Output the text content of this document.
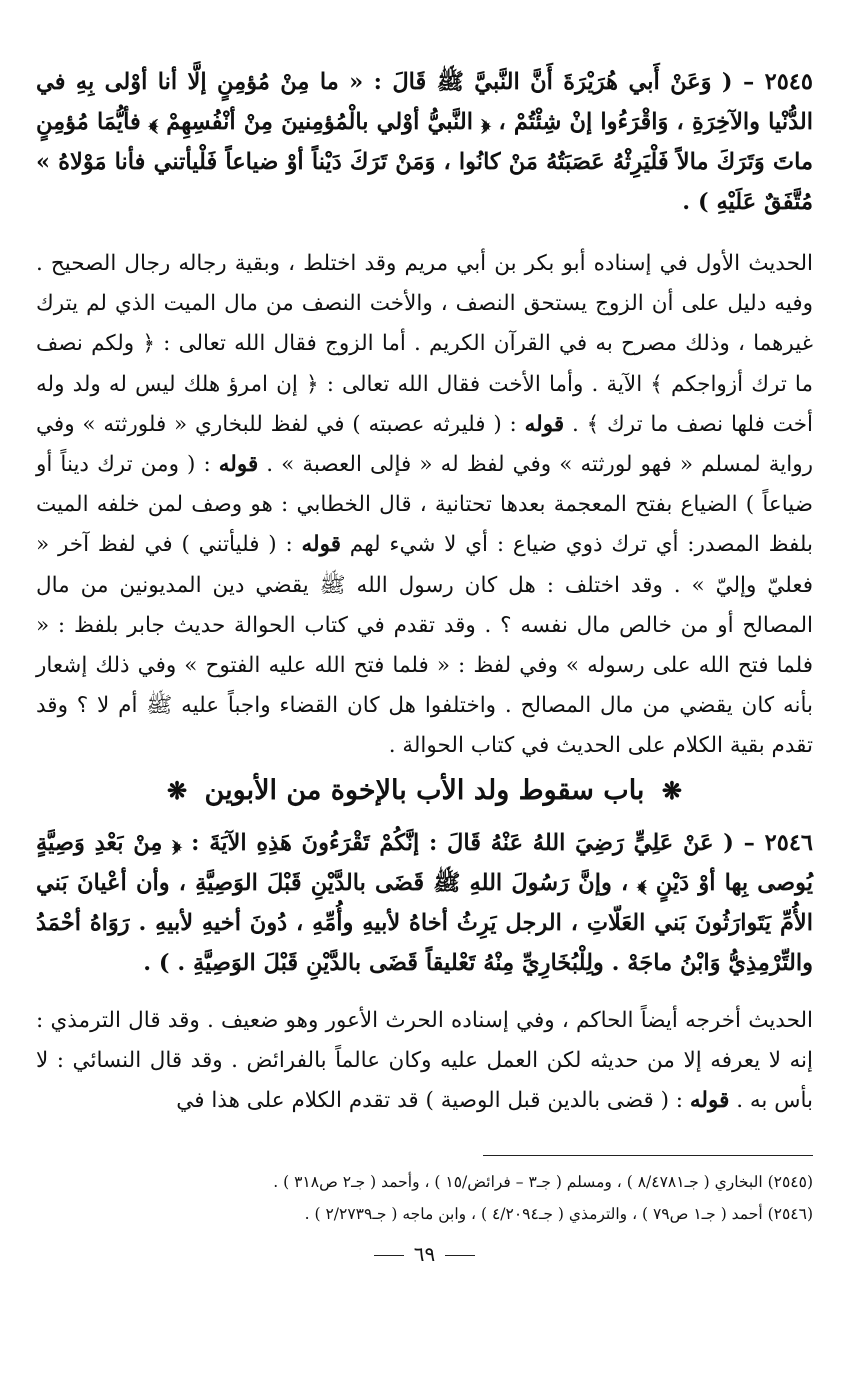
٢٥٤٥ – ( وَعَنْ أَبي هُرَيْرَةَ أَنَّ النَّبيَّ ﷺ قَالَ : « ما مِنْ مُؤمِنٍ إلَّا أنا أوْلى بِهِ في الدُّنْيا والآخِرَةِ ، وَاقْرَءُوا إنْ شِئْتُمْ ، ﴿ النَّبيُّ أوْلي بالْمُؤمِنينَ مِنْ أنْفُسِهِمْ ﴾ فأيُّمَا مُؤمِنٍ ماتَ وَتَرَكَ مالاً فَلْيَرِثْهُ عَصَبَتُهُ مَنْ كانُوا ، وَمَنْ تَرَكَ دَيْناً أوْ ضياعاً فَلْيأتني فأنا مَوْلاهُ » مُتَّفَقٌ عَلَيْهِ ) .

الحديث الأول في إسناده أبو بكر بن أبي مريم وقد اختلط ، وبقية رجاله رجال الصحيح . وفيه دليل على أن الزوج يستحق النصف ، والأخت النصف من مال الميت الذي لم يترك غيرهما ، وذلك مصرح به في القرآن الكريم . أما الزوج فقال الله تعالى : ﴿ ولكم نصف ما ترك أزواجكم ﴾ الآية . وأما الأخت فقال الله تعالى : ﴿ إن امرؤ هلك ليس له ولد وله أخت فلها نصف ما ترك ﴾ . قوله : ( فليرثه عصبته ) في لفظ للبخاري « فلورثته » وفي رواية لمسلم « فهو لورثته » وفي لفظ له « فإلى العصبة » . قوله : ( ومن ترك ديناً أو ضياعاً ) الضياع بفتح المعجمة بعدها تحتانية ، قال الخطابي : هو وصف لمن خلفه الميت بلفظ المصدر: أي ترك ذوي ضياع : أي لا شيء لهم قوله : ( فليأتني ) في لفظ آخر « فعليّ وإليّ » . وقد اختلف : هل كان رسول الله ﷺ يقضي دين المديونين من مال المصالح أو من خالص مال نفسه ؟ . وقد تقدم في كتاب الحوالة حديث جابر بلفظ : « فلما فتح الله على رسوله » وفي لفظ : « فلما فتح الله عليه الفتوح » وفي ذلك إشعار بأنه كان يقضي من مال المصالح . واختلفوا هل كان القضاء واجباً عليه ﷺ أم لا ؟ وقد تقدم بقية الكلام على الحديث في كتاب الحوالة .

❋ باب سقوط ولد الأب بالإخوة من الأبوين ❋

٢٥٤٦ – ( عَنْ عَلِيٍّ رَضِيَ اللهُ عَنْهُ قَالَ : إنَّكُمْ تَقْرَءُونَ هَذِهِ الآيَةَ : ﴿ مِنْ بَعْدِ وَصِيَّةٍ يُوصى بِها أوْ دَيْنٍ ﴾ ، وإنَّ رَسُولَ اللهِ ﷺ قَضَى بالدَّيْنِ قَبْلَ الوَصِيَّةِ ، وأن أعْيانَ بَني الأُمِّ يَتَوارَثُونَ بَني العَلّاتِ ، الرجل يَرِثُ أخاهُ لأبيهِ وأُمِّهِ ، دُونَ أخيهِ لأبيهِ . رَوَاهُ أحْمَدُ والتِّرْمِذِيُّ وَابْنُ ماجَهْ . ولِلْبُخَارِيِّ مِنْهُ تَعْليقاً قَضَى بالدَّيْنِ قَبْلَ الوَصِيَّةِ . ) .

الحديث أخرجه أيضاً الحاكم ، وفي إسناده الحرث الأعور وهو ضعيف . وقد قال الترمذي : إنه لا يعرفه إلا من حديثه لكن العمل عليه وكان عالماً بالفرائض . وقد قال النسائي : لا بأس به . قوله : ( قضى بالدين قبل الوصية ) قد تقدم الكلام على هذا في

(٢٥٤٥) البخاري ( جـ٨/٤٧٨١ ) ، ومسلم ( جـ٣ – فرائض/١٥ ) ، وأحمد ( جـ٢ ص٣١٨ ) .

(٢٥٤٦) أحمد ( جـ١ ص٧٩ ) ، والترمذي ( جـ٤/٢٠٩٤ ) ، وابن ماجه ( جـ٢/٢٧٣٩ ) .

٦٩
